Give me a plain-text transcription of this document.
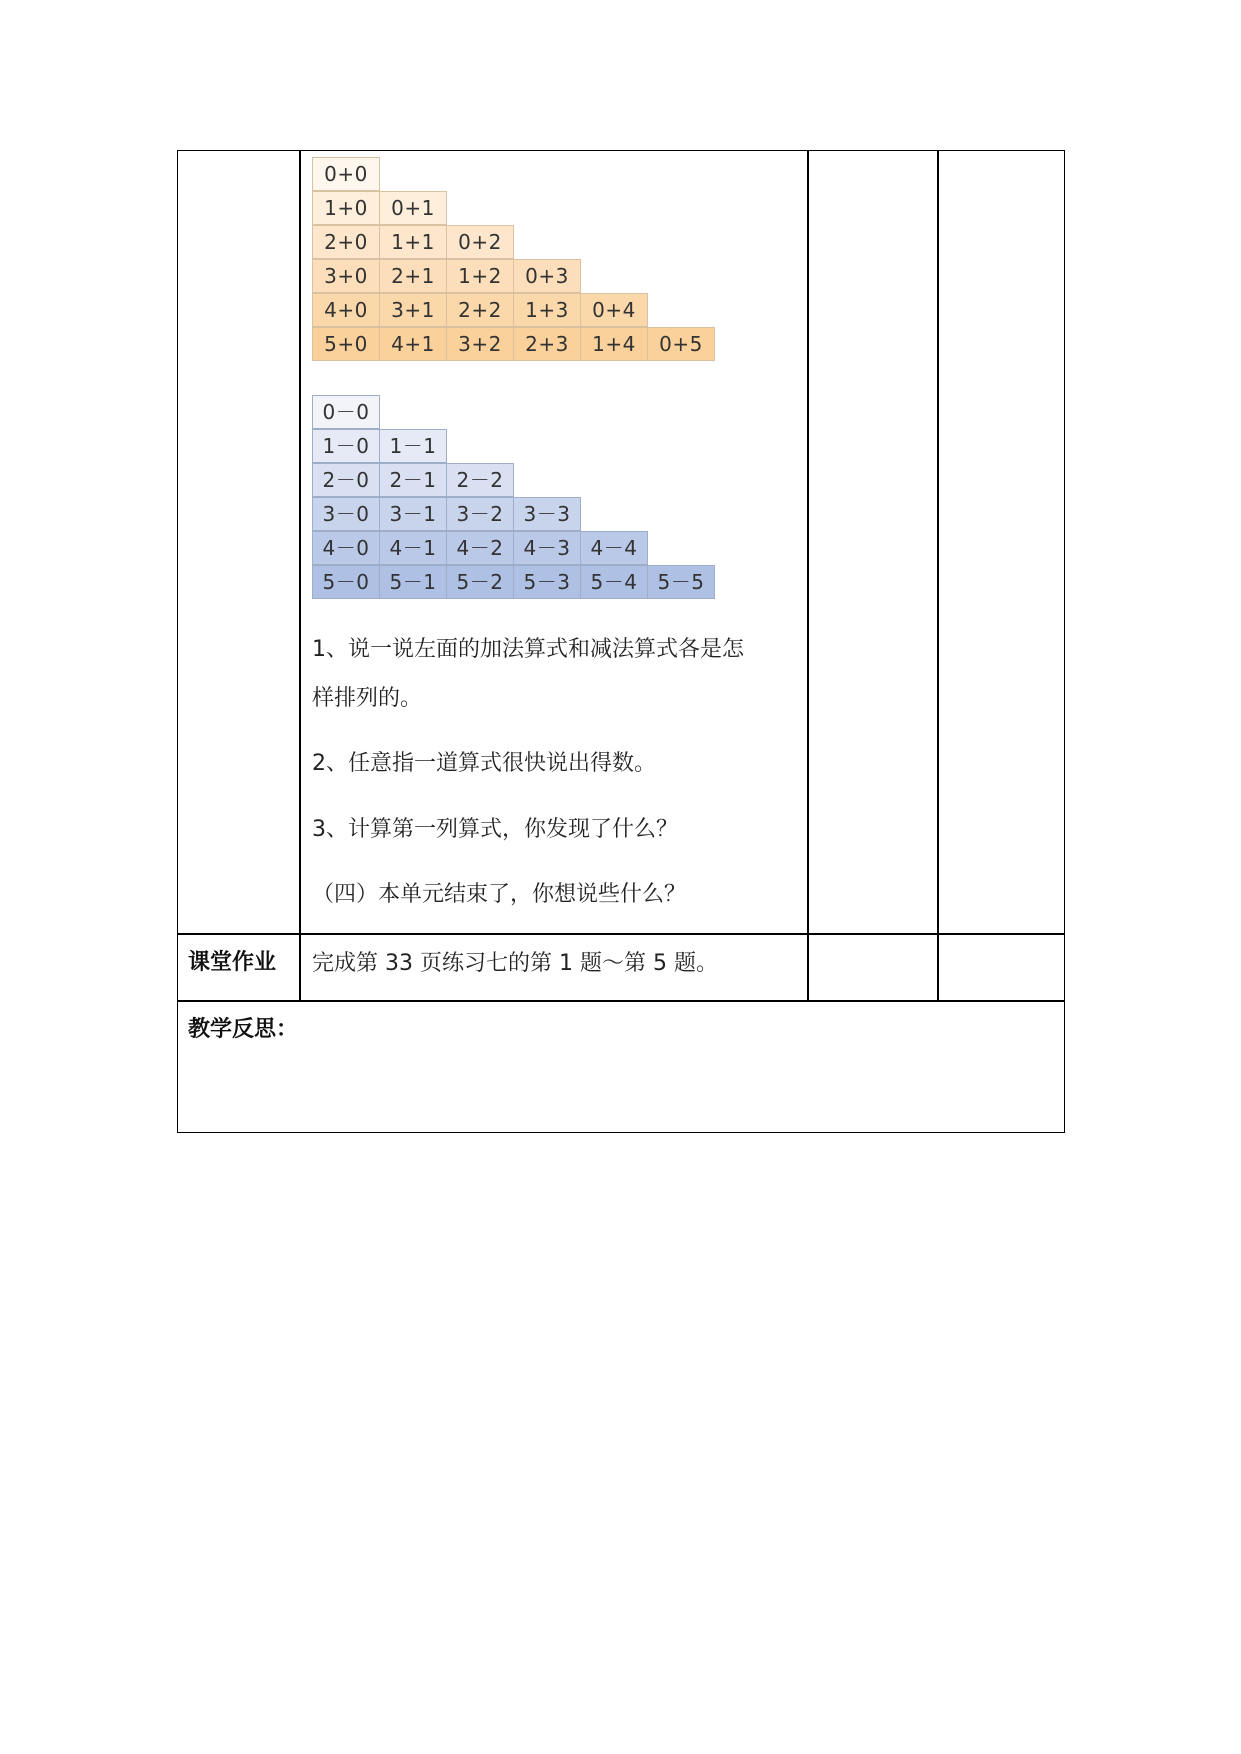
0+0
1+0	0+1
2+0	1+1	0+2
3+0	2+1	1+2	0+3
4+0	3+1	2+2	1+3	0+4
5+0	4+1	3+2	2+3	1+4	0+5
0－0
1－0	1－1
2－0	2－1	2－2
3－0	3－1	3－2	3－3
4－0	4－1	4－2	4－3	4－4
5－0	5－1	5－2	5－3	5－4	5－5
1、说一说左面的加法算式和减法算式各是怎
样排列的。
2、任意指一道算式很快说出得数。
3、计算第一列算式，你发现了什么？
（四）本单元结束了，你想说些什么？
课堂作业 完成第 33 页练习七的第 1 题～第 5 题。
教学反思：
